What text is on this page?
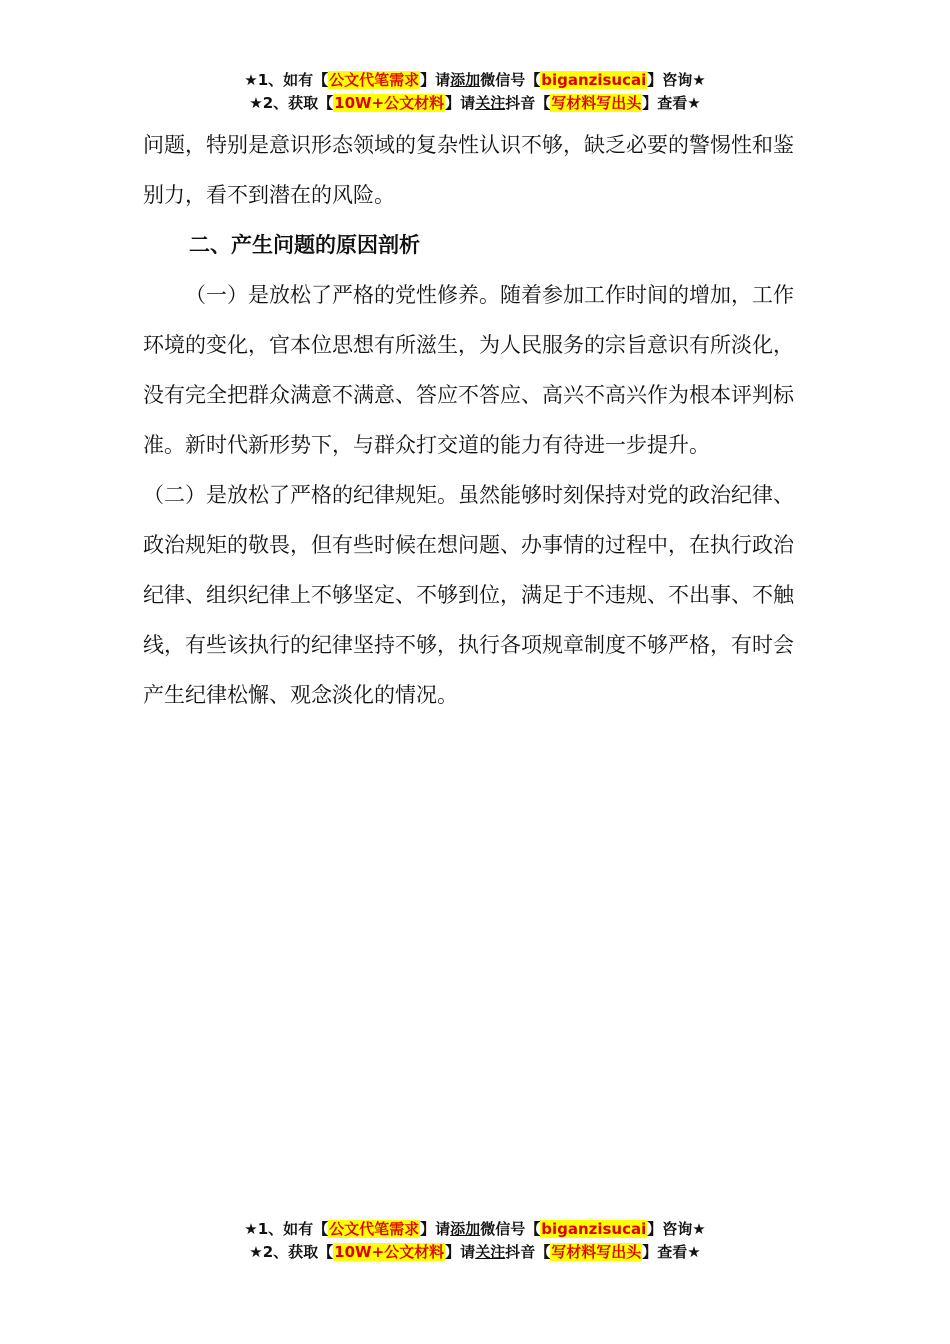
★1、如有【公文代笔需求】请添加微信号【biganzisucai】咨询★
★2、获取【10W+公文材料】请关注抖音【写材料写出头】查看★

问题，特别是意识形态领域的复杂性认识不够，缺乏必要的警惕性和鉴别力，看不到潜在的风险。

二、产生问题的原因剖析

（一）是放松了严格的党性修养。随着参加工作时间的增加，工作环境的变化，官本位思想有所滋生，为人民服务的宗旨意识有所淡化，没有完全把群众满意不满意、答应不答应、高兴不高兴作为根本评判标准。新时代新形势下，与群众打交道的能力有待进一步提升。

（二）是放松了严格的纪律规矩。虽然能够时刻保持对党的政治纪律、政治规矩的敬畏，但有些时候在想问题、办事情的过程中，在执行政治纪律、组织纪律上不够坚定、不够到位，满足于不违规、不出事、不触线，有些该执行的纪律坚持不够，执行各项规章制度不够严格，有时会产生纪律松懈、观念淡化的情况。

★1、如有【公文代笔需求】请添加微信号【biganzisucai】咨询★
★2、获取【10W+公文材料】请关注抖音【写材料写出头】查看★
